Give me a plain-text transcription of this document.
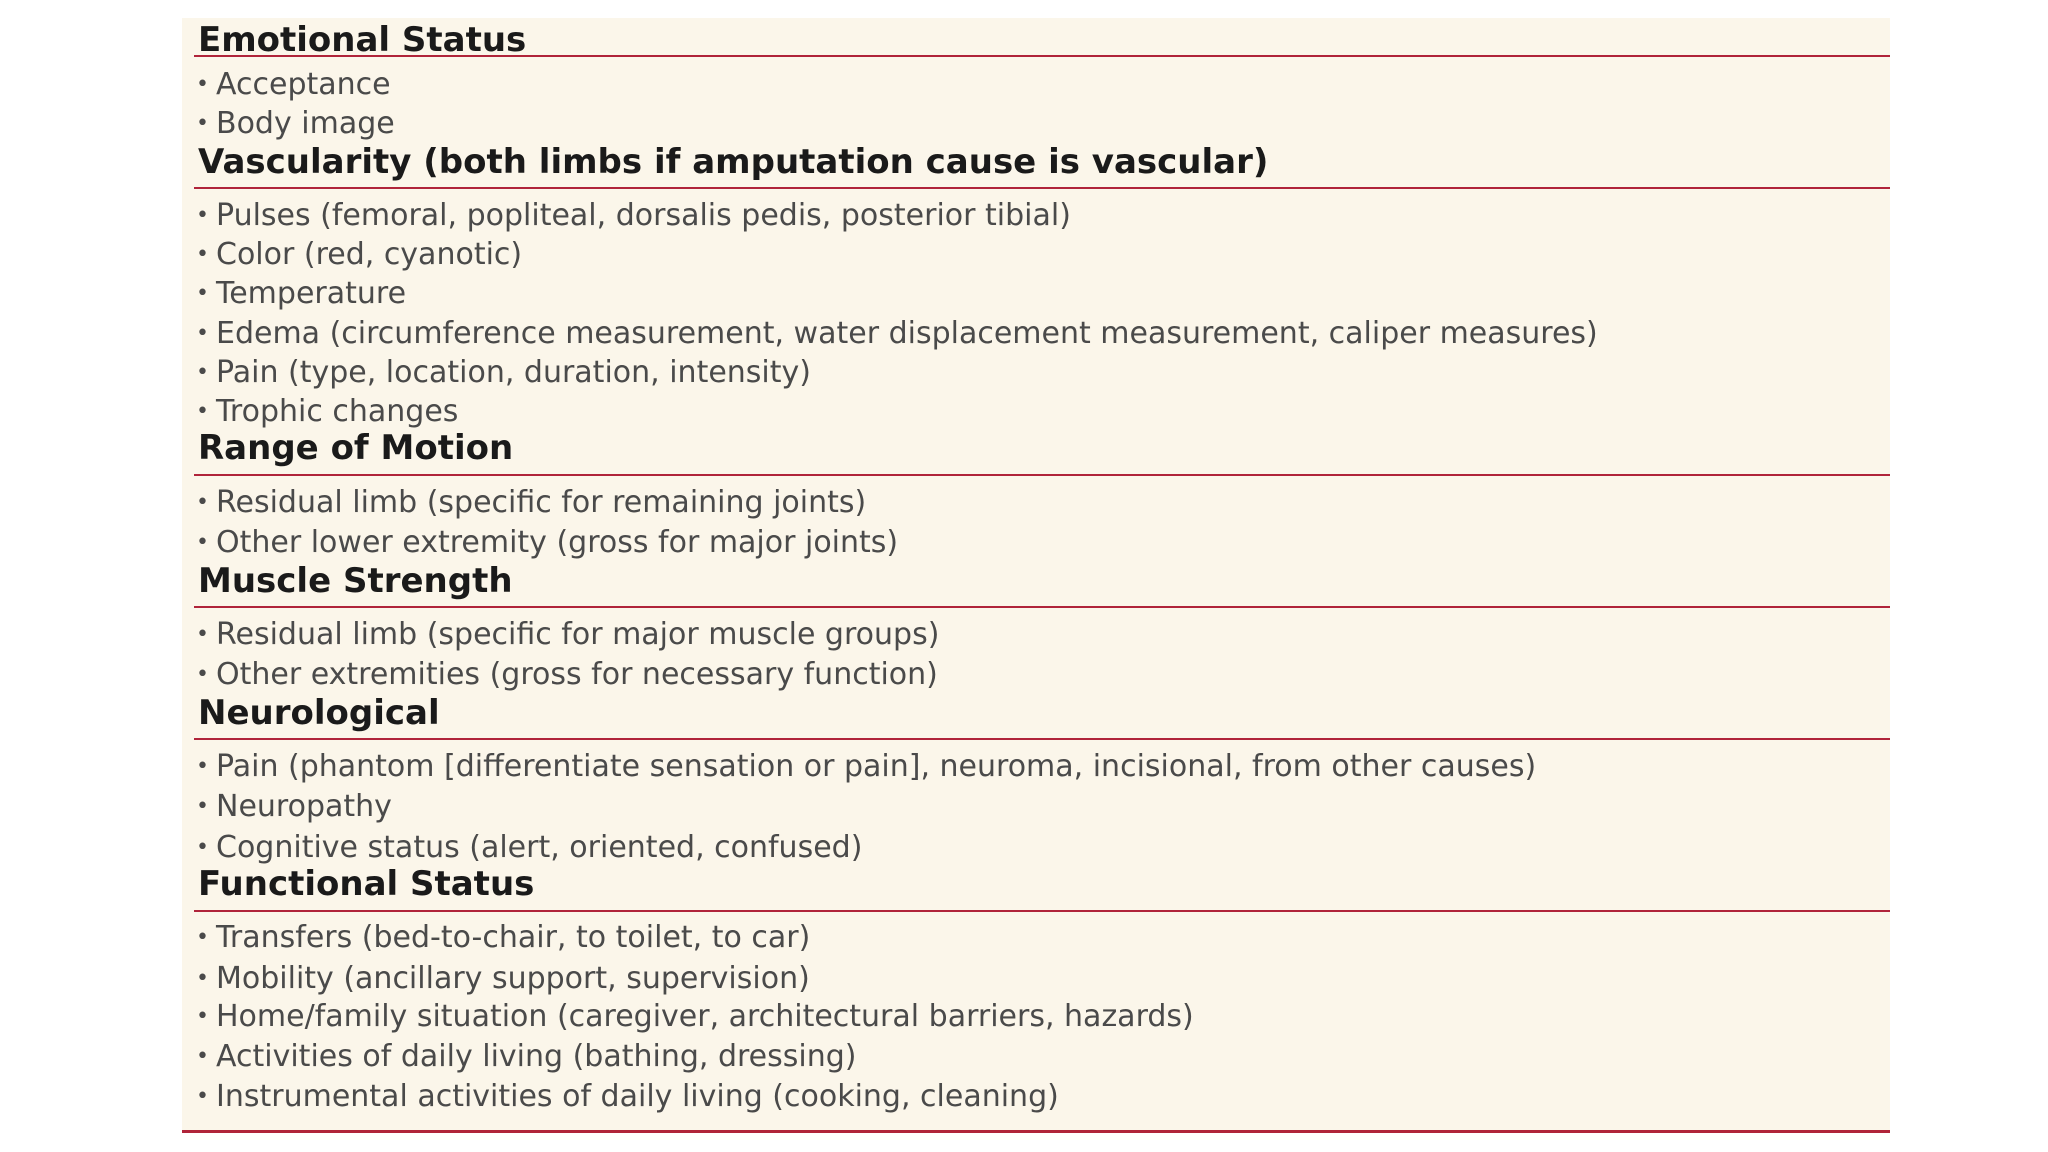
Emotional Status
• Acceptance
• Body image
Vascularity (both limbs if amputation cause is vascular)
• Pulses (femoral, popliteal, dorsalis pedis, posterior tibial)
• Color (red, cyanotic)
• Temperature
• Edema (circumference measurement, water displacement measurement, caliper measures)
• Pain (type, location, duration, intensity)
• Trophic changes
Range of Motion
• Residual limb (specific for remaining joints)
• Other lower extremity (gross for major joints)
Muscle Strength
• Residual limb (specific for major muscle groups)
• Other extremities (gross for necessary function)
Neurological
• Pain (phantom [differentiate sensation or pain], neuroma, incisional, from other causes)
• Neuropathy
• Cognitive status (alert, oriented, confused)
Functional Status
• Transfers (bed-to-chair, to toilet, to car)
• Mobility (ancillary support, supervision)
• Home/family situation (caregiver, architectural barriers, hazards)
• Activities of daily living (bathing, dressing)
• Instrumental activities of daily living (cooking, cleaning)
